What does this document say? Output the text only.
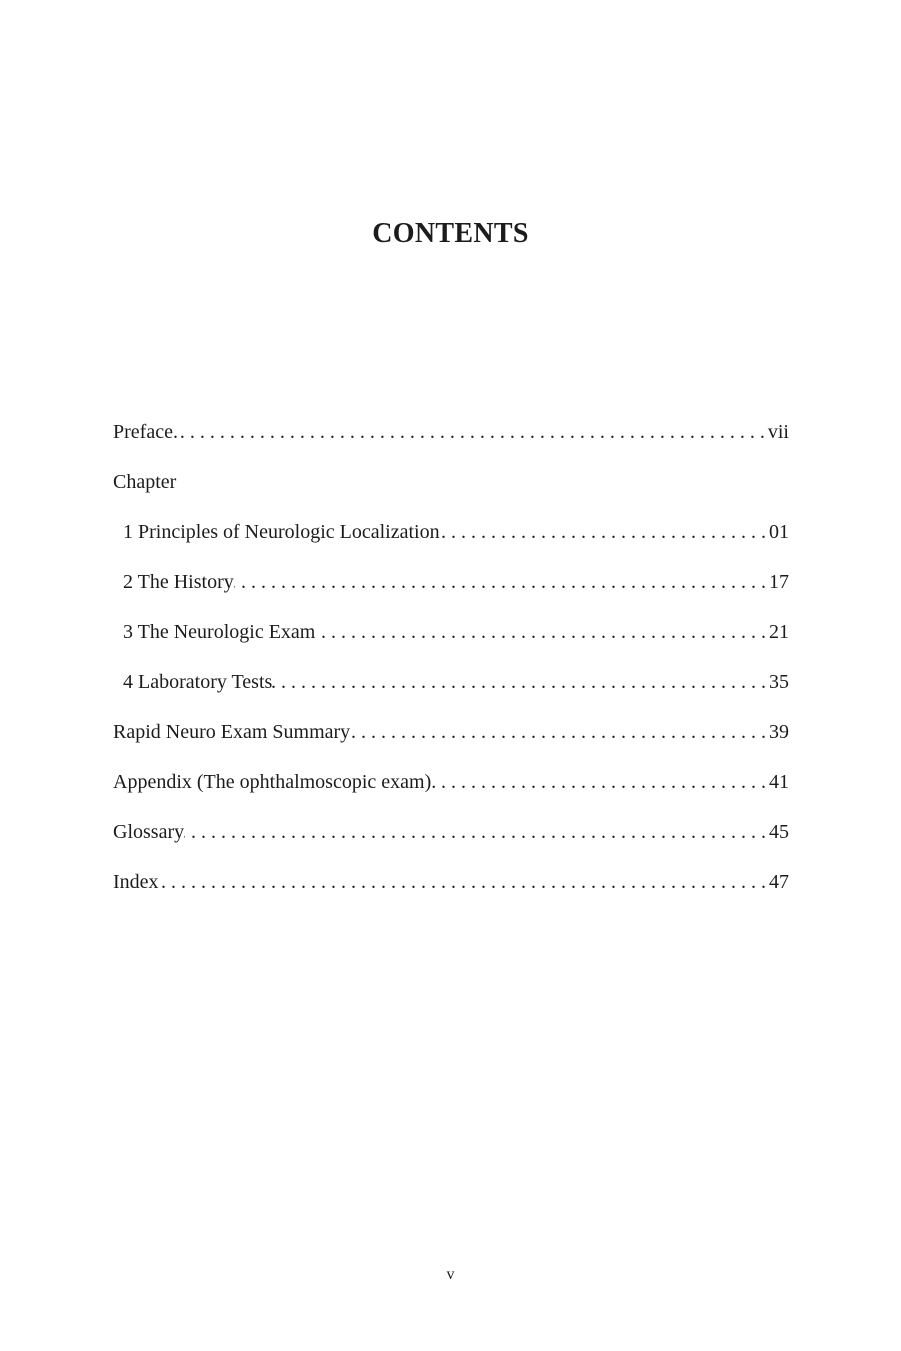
CONTENTS
Preface. . . .	vii
Chapter
1 Principles of Neurologic Localization . . .	01
2 The History . . .	17
3 The Neurologic Exam . . .	21
4 Laboratory Tests . . .	35
Rapid Neuro Exam Summary . . .	39
Appendix (The ophthalmoscopic exam). . . .	41
Glossary . . .	45
Index . . .	47
v
